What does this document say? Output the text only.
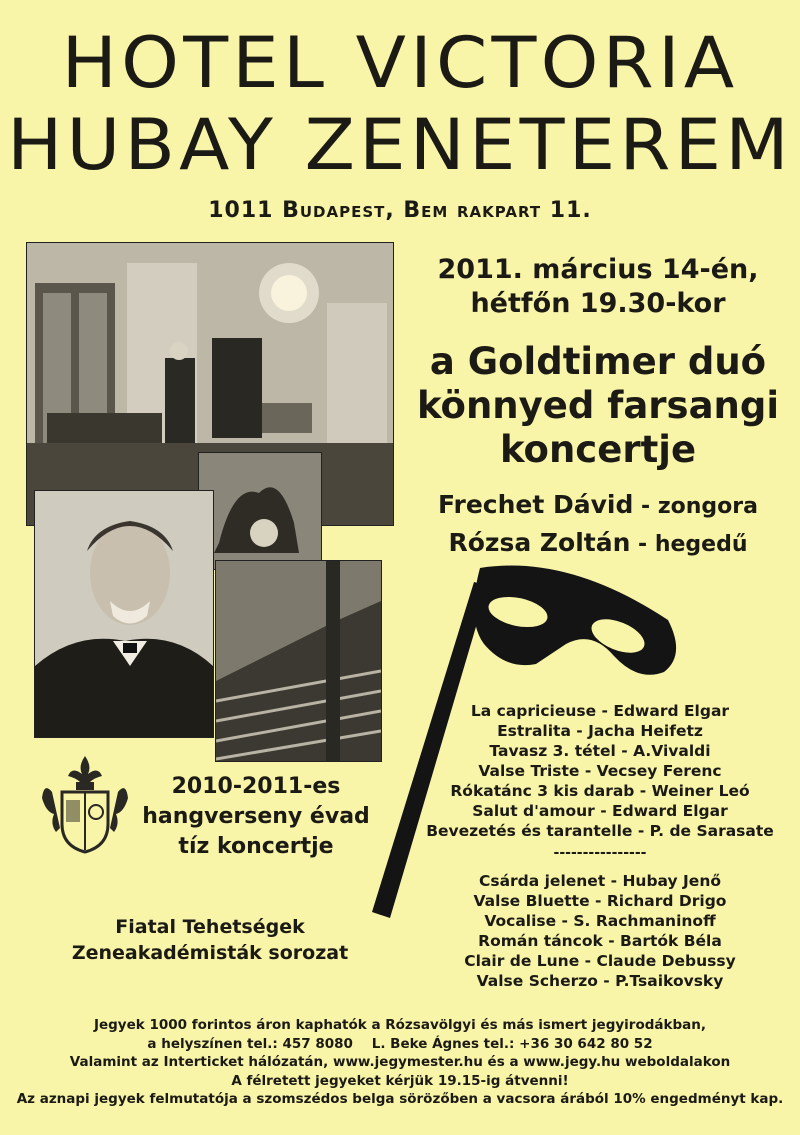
HOTEL VICTORIA
HUBAY ZENETEREM
1011 Budapest, Bem rakpart 11.
2011. március 14-én,
hétfőn 19.30-kor
a Goldtimer duó
könnyed farsangi
koncertje
Frechet Dávid - zongora
Rózsa Zoltán - hegedű
La capricieuse - Edward Elgar
Estralita - Jacha Heifetz
Tavasz 3. tétel - A.Vivaldi
Valse Triste - Vecsey Ferenc
Rókatánc 3 kis darab - Weiner Leó
Salut d'amour - Edward Elgar
Bevezetés és tarantelle - P. de Sarasate
----------------
Csárda jelenet - Hubay Jenő
Valse Bluette - Richard Drigo
Vocalise - S. Rachmaninoff
Román táncok - Bartók Béla
Clair de Lune - Claude Debussy
Valse Scherzo - P.Tsaikovsky
2010-2011-es
hangverseny évad
tíz koncertje
Fiatal Tehetségek
Zeneakadémisták sorozat
Jegyek 1000 forintos áron kaphatók a Rózsavölgyi és más ismert jegyirodákban,
a helyszínen tel.: 457 8080    L. Beke Ágnes tel.: +36 30 642 80 52
Valamint az Interticket hálózatán, www.jegymester.hu és a www.jegy.hu weboldalakon
A félretett jegyeket kérjük 19.15-ig átvenni!
Az aznapi jegyek felmutatója a szomszédos belga sörözőben a vacsora árából 10% engedményt kap.
